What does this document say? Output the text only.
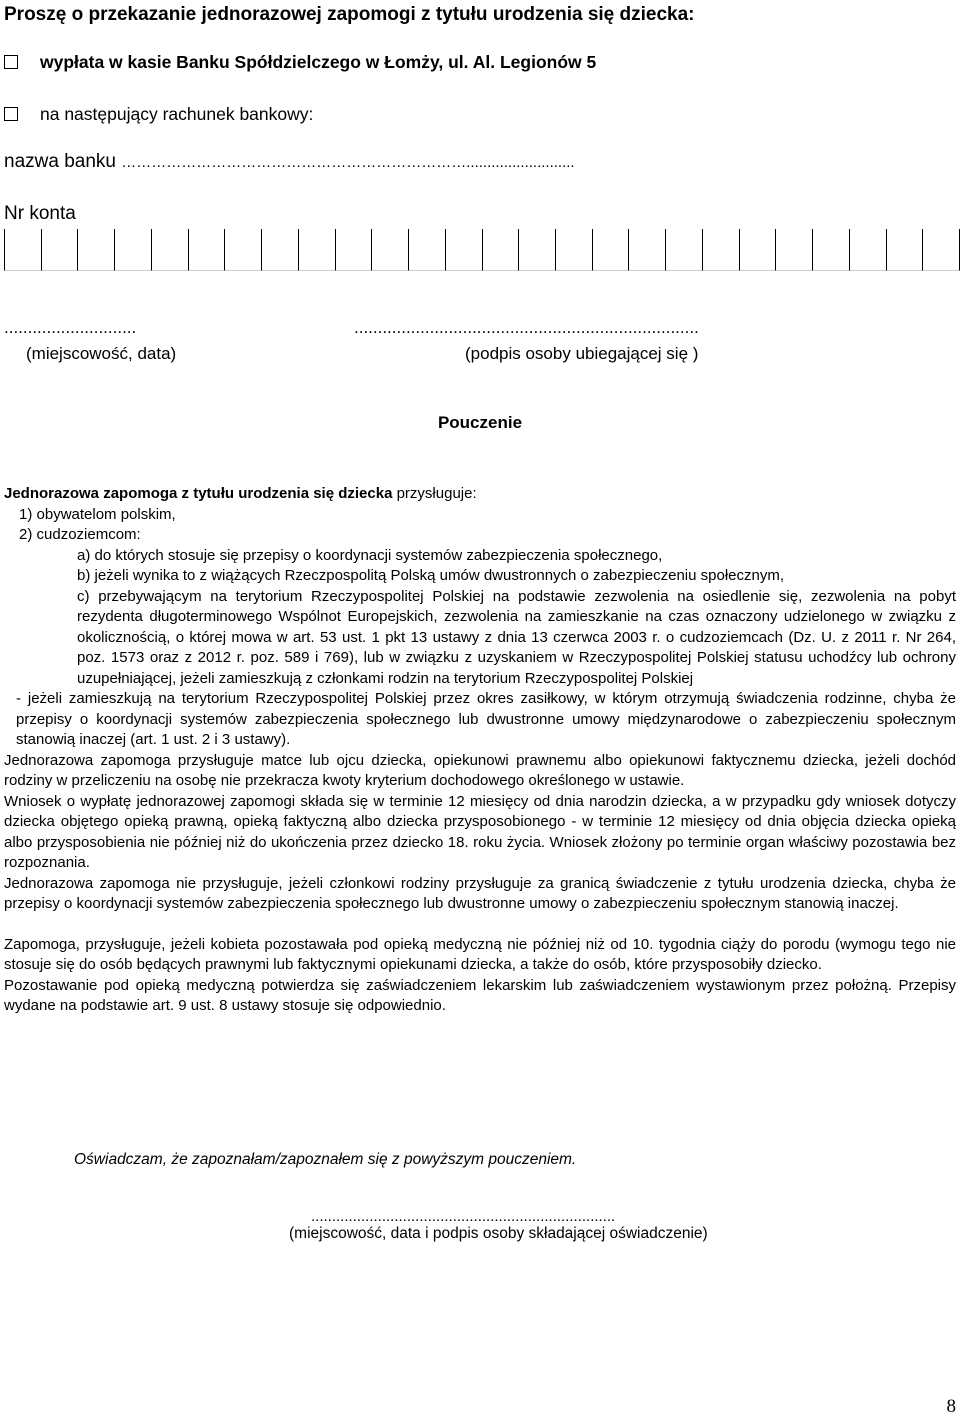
Proszę o przekazanie jednorazowej zapomogi z tytułu urodzenia się dziecka:
wypłata w kasie Banku Spółdzielczego w Łomży, ul. Al. Legionów 5
na następujący rachunek bankowy:
nazwa banku ……………………………………………………………..........................
Nr konta
............................
(miejscowość, data)
.........................................................................
(podpis osoby ubiegającej się )
Pouczenie

Jednorazowa zapomoga z tytułu urodzenia się dziecka przysługuje:

1) obywatelom polskim,

2) cudzoziemcom:

a) do których stosuje się przepisy o koordynacji systemów zabezpieczenia społecznego,

b) jeżeli wynika to z wiążących Rzeczpospolitą Polską umów dwustronnych o zabezpieczeniu społecznym,

c) przebywającym na terytorium Rzeczypospolitej Polskiej na podstawie zezwolenia na osiedlenie się, zezwolenia na pobyt rezydenta długoterminowego Wspólnot Europejskich, zezwolenia na zamieszkanie na czas oznaczony udzielonego w związku z okolicznością, o której mowa w art. 53 ust. 1 pkt 13 ustawy z dnia 13 czerwca 2003 r. o cudzoziemcach (Dz. U. z 2011 r. Nr 264, poz. 1573 oraz z 2012 r. poz. 589 i 769), lub w związku z uzyskaniem w Rzeczypospolitej Polskiej statusu uchodźcy lub ochrony uzupełniającej, jeżeli zamieszkują z członkami rodzin na terytorium Rzeczypospolitej Polskiej

- jeżeli zamieszkują na terytorium Rzeczypospolitej Polskiej przez okres zasiłkowy, w którym otrzymują świadczenia rodzinne, chyba że przepisy o koordynacji systemów zabezpieczenia społecznego lub dwustronne umowy międzynarodowe o zabezpieczeniu społecznym stanowią inaczej (art. 1 ust. 2 i 3 ustawy).

Jednorazowa zapomoga przysługuje matce lub ojcu dziecka, opiekunowi prawnemu albo opiekunowi faktycznemu dziecka, jeżeli dochód rodziny w przeliczeniu na osobę nie przekracza kwoty kryterium dochodowego określonego w ustawie.

Wniosek o wypłatę jednorazowej zapomogi składa się w terminie 12 miesięcy od dnia narodzin dziecka, a w przypadku gdy wniosek dotyczy dziecka objętego opieką prawną, opieką faktyczną albo dziecka przysposobionego - w terminie 12 miesięcy od dnia objęcia dziecka opieką albo przysposobienia nie później niż do ukończenia przez dziecko 18. roku życia. Wniosek złożony po terminie organ właściwy pozostawia bez rozpoznania.

Jednorazowa zapomoga nie przysługuje, jeżeli członkowi rodziny przysługuje za granicą świadczenie z tytułu urodzenia dziecka, chyba że przepisy o koordynacji systemów zabezpieczenia społecznego lub dwustronne umowy o zabezpieczeniu społecznym stanowią inaczej.

Zapomoga, przysługuje, jeżeli kobieta pozostawała pod opieką medyczną nie później niż od 10. tygodnia ciąży do porodu (wymogu tego nie stosuje się do osób będących prawnymi lub faktycznymi opiekunami dziecka, a także do osób, które przysposobiły dziecko.

Pozostawanie pod opieką medyczną potwierdza się zaświadczeniem lekarskim lub zaświadczeniem wystawionym przez położną. Przepisy wydane na podstawie art. 9 ust. 8 ustawy stosuje się odpowiednio.

Oświadczam, że zapoznałam/zapoznałem się z powyższym pouczeniem.
.........................................................................
(miejscowość, data i podpis osoby składającej oświadczenie)
8
